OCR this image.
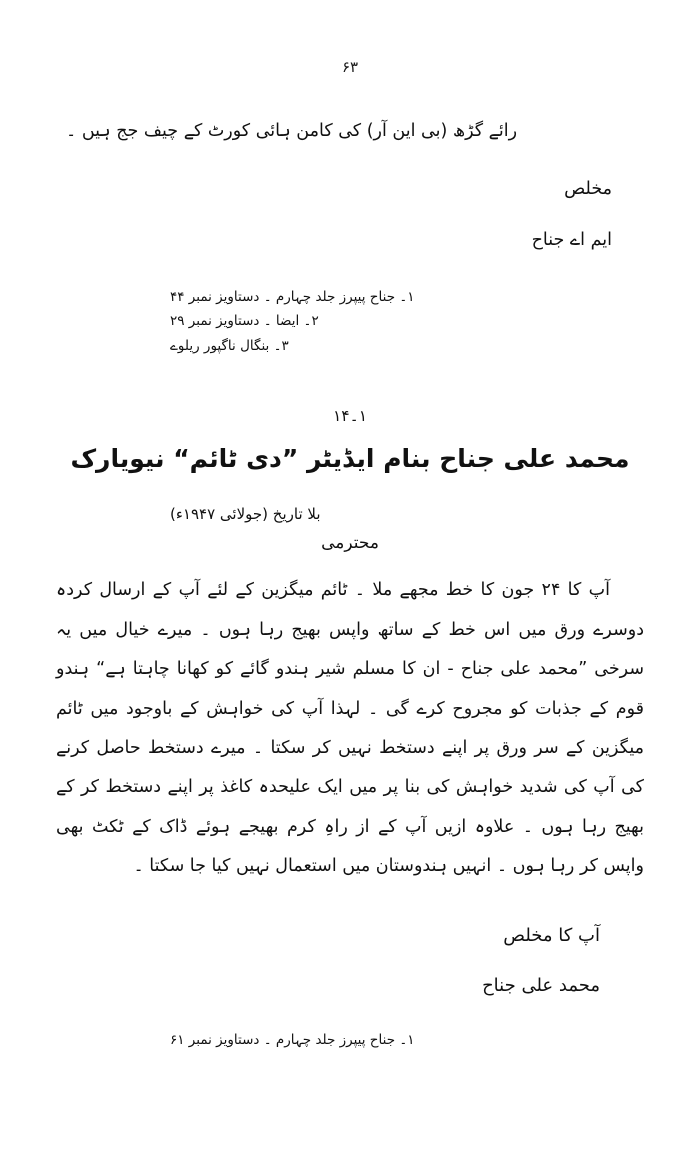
۶۳
رائے گڑھ (بی این آر) کی کامن ہائی کورٹ کے چیف جج ہیں ۔
مخلص
ایم اے جناح
۱۔ جناح پیپرز جلد چہارم ۔ دستاویز نمبر ۴۴
۲۔ ایضا ۔ دستاویز نمبر ۲۹
۳۔ بنگال ناگپور ریلوے
۱۔۱۴
محمد علی جناح بنام ایڈیٹر ”دی ٹائم“ نیویارک
بلا تاریخ (جولائی ۱۹۴۷ء)
محترمی

آپ کا ۲۴ جون کا خط مجھے ملا ۔ ٹائم میگزین کے لئے آپ کے ارسال کردہ دوسرے ورق میں اس خط کے ساتھ واپس بھیج رہا ہوں ۔ میرے خیال میں یہ سرخی ”محمد علی جناح - ان کا مسلم شیر ہندو گائے کو کھانا چاہتا ہے“ ہندو قوم کے جذبات کو مجروح کرے گی ۔ لہذا آپ کی خواہش کے باوجود میں ٹائم میگزین کے سر ورق پر اپنے دستخط نہیں کر سکتا ۔ میرے دستخط حاصل کرنے کی آپ کی شدید خواہش کی بنا پر میں ایک علیحدہ کاغذ پر اپنے دستخط کر کے بھیج رہا ہوں ۔ علاوہ ازیں آپ کے از راہِ کرم بھیجے ہوئے ڈاک کے ٹکٹ بھی واپس کر رہا ہوں ۔ انہیں ہندوستان میں استعمال نہیں کیا جا سکتا ۔

آپ کا مخلص
محمد علی جناح
۱۔ جناح پیپرز جلد چہارم ۔ دستاویز نمبر ۶۱
